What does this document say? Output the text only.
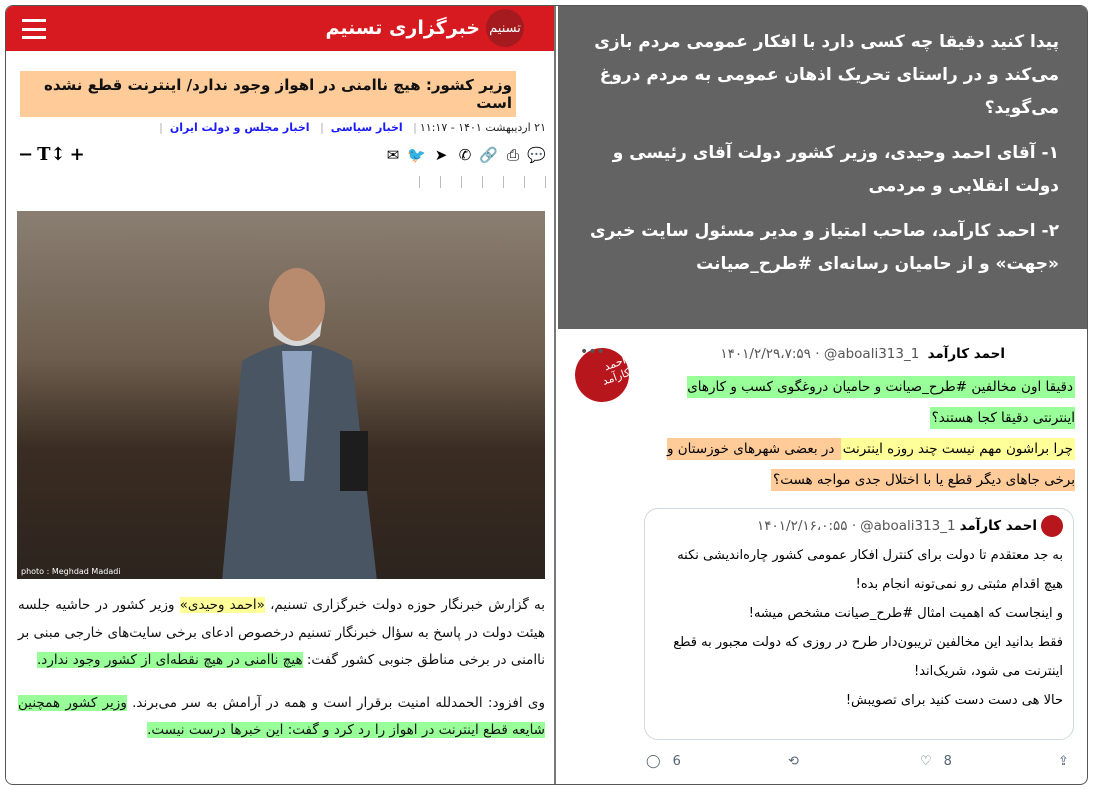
تسنیم
خبرگزاری تسنیم
وزیر کشور: هیچ ناامنی در اهواز وجود ندارد/ اینترنت قطع نشده است
۲۱ اردیبهشت ۱۴۰۱ - ۱۱:۱۷| اخبار سیاسی| اخبار مجلس و دولت ایران|
− T↕ +	💬
⎙
🔗
✆
➤
🐦
✉
photo : Meghdad Madadi

به گزارش خبرنگار حوزه دولت خبرگزاری تسنیم، «احمد وحیدی» وزیر کشور در حاشیه جلسه هیئت دولت در پاسخ به سؤال خبرنگار تسنیم درخصوص ادعای برخی سایت‌های خارجی مبنی بر ناامنی در برخی مناطق جنوبی کشور گفت: هیچ ناامنی در هیچ نقطه‌ای از کشور وجود ندارد.

وی افزود: الحمدلله امنیت برقرار است و همه در آرامش به سر می‌برند. وزیر کشور همچنین شایعه قطع اینترنت در اهواز را رد کرد و گفت: این خبرها درست نیست.

پیدا کنید دقیقا چه کسی دارد با افکار عمومی مردم بازی می‌کند و در راستای تحریک اذهان عمومی به مردم دروغ می‌گوید؟

۱- آقای احمد وحیدی، وزیر کشور دولت آقای رئیسی و دولت انقلابی و مردمی

۲- احمد کارآمد، صاحب امتیاز و مدیر مسئول سایت خبری «جهت» و از حامیان رسانه‌ای #طرح_صیانت

احمد کارآمد
احمد کارآمد @aboali313_1 · ۱۴۰۱/۲/۲۹،۷:۵۹
•••
دقیقا اون مخالفین #طرح_صیانت و حامیان دروغگوی کسب و کارهای اینترنتی دقیقا کجا هستند؟
چرا براشون مهم نیست چند روزه اینترنت در بعضی شهرهای خوزستان و برخی جاهای دیگر قطع یا با اختلال جدی مواجه هست؟
احمد کارآمد
@aboali313_1
· ۱۴۰۱/۲/۱۶،۰:۵۵
به جد معتقدم تا دولت برای کنترل افکار عمومی کشور چاره‌اندیشی نکنه هیچ اقدام مثبتی رو نمی‌تونه انجام بده!
و اینجاست که اهمیت امثال #طرح_صیانت مشخص میشه!
فقط بدانید این مخالفین تریبون‌دار طرح در روزی که دولت مجبور به قطع اینترنت می شود، شریک‌اند!
حالا هی دست دست کنید برای تصویبش!
◯ 6	⟲	♡ 8	⇪
